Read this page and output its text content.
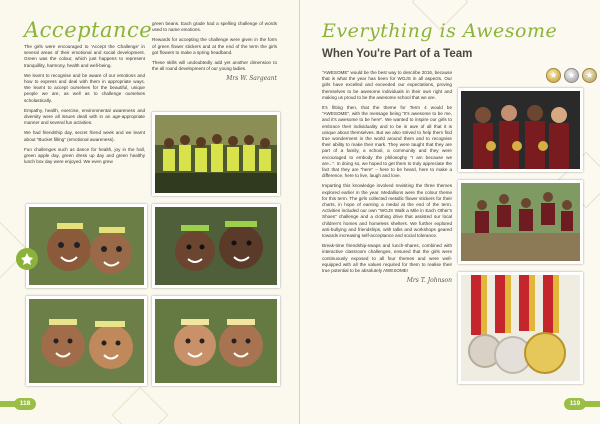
Acceptance

The girls were encouraged to 'Accept the Challenge' in several areas of their emotional and social development. Green was the colour, which just happens to represent tranquillity, harmony, health and well-being.

We learnt to recognise and be aware of our emotions and how to express and deal with them in appropriate ways. We learnt to accept ourselves for the beautiful, unique people we are, as well as to challenge ourselves scholastically.

Empathy, health, exercise, environmental awareness and diversity were all issues dealt with in an age-appropriate manner and several fun activities.

We had friendship day, secret friend week and we learnt about "Bucket filling" (emotional awareness).

Fun challenges such as dance for health, joy in the hall, green apple day, green dress up day and green healthy lunch box day were enjoyed. We even grew

green beans. Each grade had a spelling challenge of words used to name emotions.

Rewards for accepting the challenge were given in the form of green flower stickers and at the end of the term the girls got flowers to make a spring headband.

These skills will undoubtedly add yet another dimension to the all round development of our young ladies.

Mrs W. Sargeant
118
Everything is Awesome
When You're Part of a Team
★	★	★

"AWESOME" would be the best way to describe 2016, because that is what the year has been for WGJS in all aspects. Our girls have excelled and exceeded our expectations, proving themselves to be awesome individuals in their own right and making us proud to be the awesome school that we are.

It's fitting then, that the theme for Term 4 would be "AWESOME", with the message being "It's awesome to be me, and it's awesome to be here". We wanted to inspire our girls to embrace their individuality and to be in awe of all that it is unique about themselves. But we also strived to help them find true wonderment in the world around them and to recognise their ability to make their mark. They were taught that they are part of a family, a school, a community and they were encouraged to embody the philosophy "I am because we are...". In doing so, we hoped to get them to truly appreciate the fact that they are "here" – here to be heard, here to make a difference, here to live, laugh and love.

Imparting this knowledge involved revisiting the three themes explored earlier in the year. Medallions were the colour theme for this term. The girls collected metallic flower stickers for their charts, in hope of earning a medal at the end of the term. Activities included our own "WGJS Walk a Mile in Each Other's Shoes" challenge and a clothing drive that assisted our local children's homes and homeless shelters. We further explored anti-bullying and friendships, with talks and workshops geared towards increasing self-acceptance and social tolerance.

Break-time friendship-swaps and lunch-shares, combined with interactive classroom challenges, ensured that the girls were continuously exposed to all four themes and were well-equipped with all the values required for them to realise their true potential to be absolutely AWESOME!

Mrs T. Johnson
119
